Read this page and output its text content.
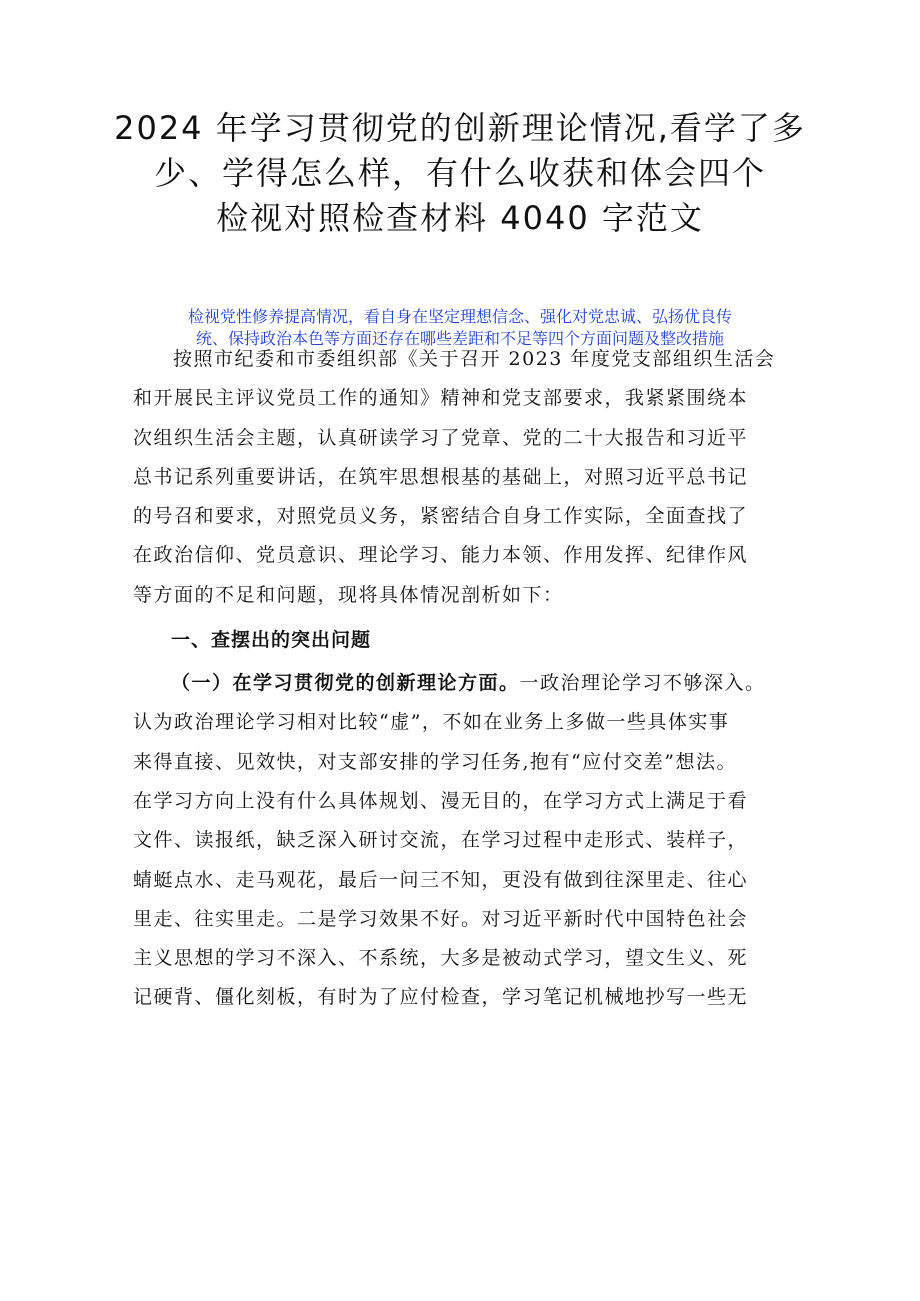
2024 年学习贯彻党的创新理论情况,看学了多
少、学得怎么样，有什么收获和体会四个
检视对照检查材料 4040 字范文
检视党性修养提高情况，看自身在坚定理想信念、强化对党忠诚、弘扬优良传
统、保持政治本色等方面还存在哪些差距和不足等四个方面问题及整改措施
按照市纪委和市委组织部《关于召开 2023 年度党支部组织生活会
和开展民主评议党员工作的通知》精神和党支部要求，我紧紧围绕本
次组织生活会主题，认真研读学习了党章、党的二十大报告和习近平
总书记系列重要讲话，在筑牢思想根基的基础上，对照习近平总书记
的号召和要求，对照党员义务，紧密结合自身工作实际，全面查找了
在政治信仰、党员意识、理论学习、能力本领、作用发挥、纪律作风
等方面的不足和问题，现将具体情况剖析如下：
一、查摆出的突出问题
（一）在学习贯彻党的创新理论方面。一政治理论学习不够深入。
认为政治理论学习相对比较“虚”，不如在业务上多做一些具体实事
来得直接、见效快，对支部安排的学习任务,抱有“应付交差”想法。
在学习方向上没有什么具体规划、漫无目的，在学习方式上满足于看
文件、读报纸，缺乏深入研讨交流，在学习过程中走形式、装样子，
蜻蜓点水、走马观花，最后一问三不知，更没有做到往深里走、往心
里走、往实里走。二是学习效果不好。对习近平新时代中国特色社会
主义思想的学习不深入、不系统，大多是被动式学习，望文生义、死
记硬背、僵化刻板，有时为了应付检查，学习笔记机械地抄写一些无
